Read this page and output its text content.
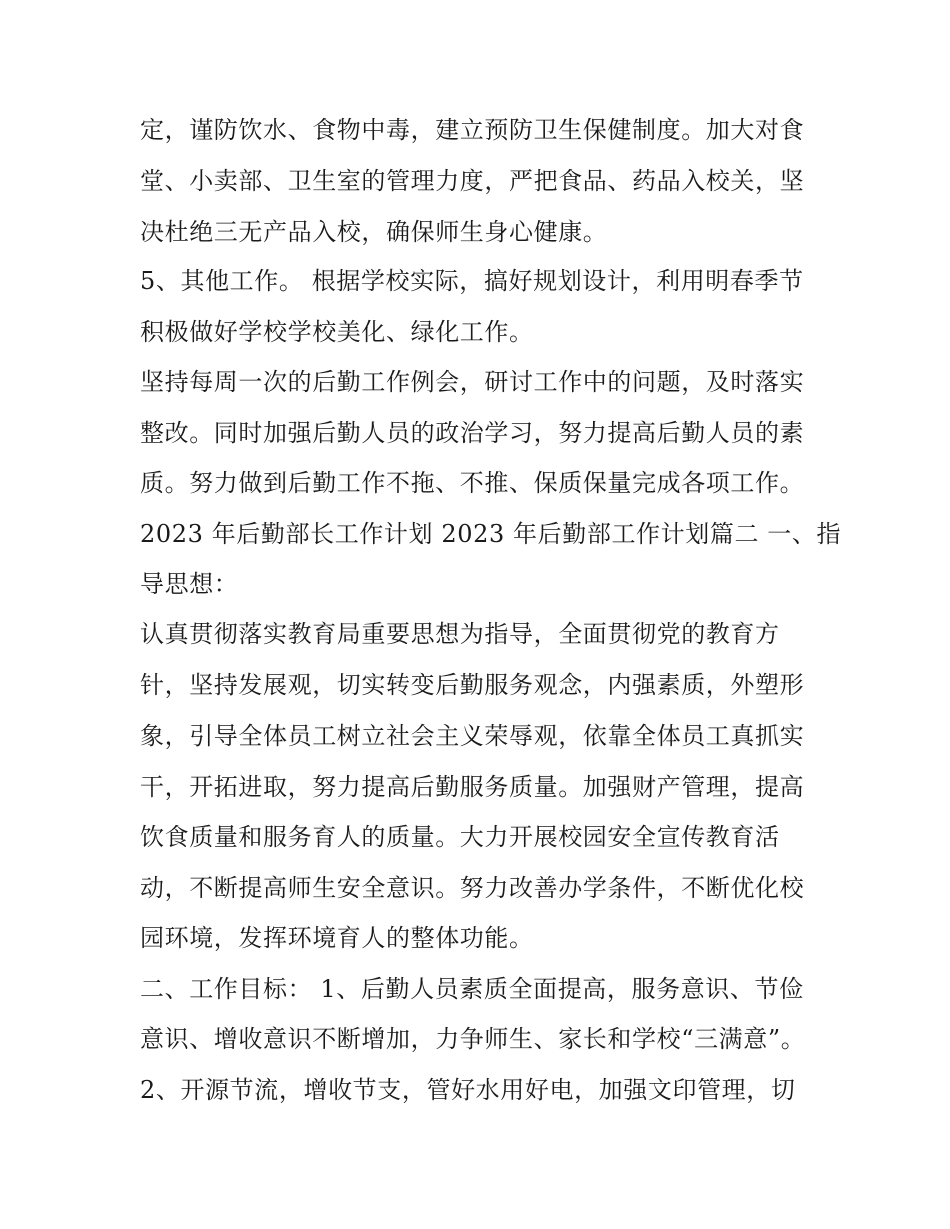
定，谨防饮水、食物中毒，建立预防卫生保健制度。加大对食
堂、小卖部、卫生室的管理力度，严把食品、药品入校关，坚
决杜绝三无产品入校，确保师生身心健康。
5、其他工作。 根据学校实际，搞好规划设计，利用明春季节
积极做好学校学校美化、绿化工作。
坚持每周一次的后勤工作例会，研讨工作中的问题，及时落实
整改。同时加强后勤人员的政治学习，努力提高后勤人员的素
质。努力做到后勤工作不拖、不推、保质保量完成各项工作。
2023 年后勤部长工作计划 2023 年后勤部工作计划篇二 一、指
导思想：
认真贯彻落实教育局重要思想为指导，全面贯彻党的教育方
针，坚持发展观，切实转变后勤服务观念，内强素质，外塑形
象，引导全体员工树立社会主义荣辱观，依靠全体员工真抓实
干，开拓进取，努力提高后勤服务质量。加强财产管理，提高
饮食质量和服务育人的质量。大力开展校园安全宣传教育活
动，不断提高师生安全意识。努力改善办学条件，不断优化校
园环境，发挥环境育人的整体功能。
二、工作目标： 1、后勤人员素质全面提高，服务意识、节俭
意识、增收意识不断增加，力争师生、家长和学校“三满意”。
2、开源节流，增收节支，管好水用好电，加强文印管理，切
